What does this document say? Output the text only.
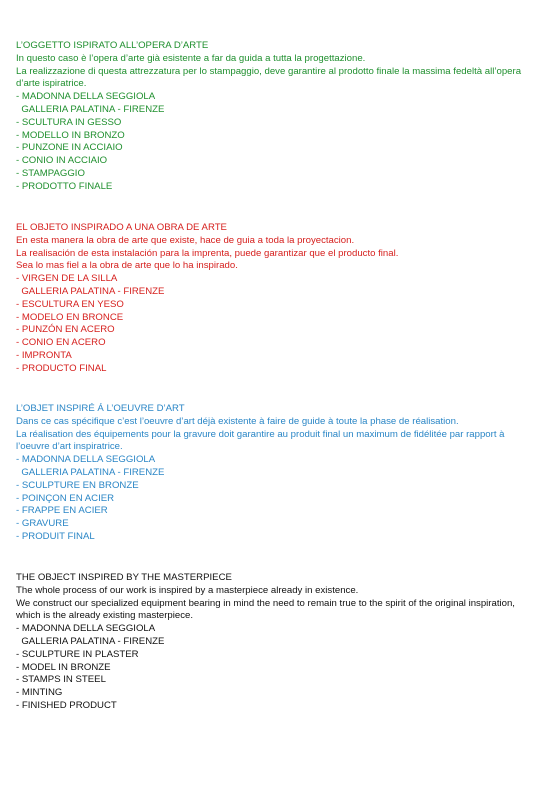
L’OGGETTO ISPIRATO ALL’OPERA D’ARTE

In questo caso è l’opera d’arte già esistente a far da guida a tutta la progettazione.

La realizzazione di questa attrezzatura per lo stampaggio, deve garantire al prodotto finale la massima fedeltà all’opera d’arte ispiratrice.

- MADONNA DELLA SEGGIOLA

GALLERIA PALATINA - FIRENZE

- SCULTURA IN GESSO

- MODELLO IN BRONZO

- PUNZONE IN ACCIAIO

- CONIO IN ACCIAIO

- STAMPAGGIO

- PRODOTTO FINALE

EL OBJETO INSPIRADO A UNA OBRA DE ARTE

En esta manera la obra de arte que existe, hace de guia a toda la proyectacion.

La realisación de esta instalación para la imprenta, puede garantizar que el producto final.

Sea lo mas fiel a la obra de arte que lo ha inspirado.

- VIRGEN DE LA SILLA

GALLERIA PALATINA - FIRENZE

- ESCULTURA EN YESO

- MODELO EN BRONCE

- PUNZÓN EN ACERO

- CONIO EN ACERO

- IMPRONTA

- PRODUCTO FINAL

L’OBJET INSPIRÉ Á L’OEUVRE D’ART

Dans ce cas spécifique c’est l’oeuvre d’art déjà existente à faire de guide à toute la phase de réalisation.

La réalisation des équipements pour la gravure doit garantire au produit final un maximum de fidélitée par rapport à l’oeuvre d’art inspiratrice.

- MADONNA DELLA SEGGIOLA

GALLERIA PALATINA - FIRENZE

- SCULPTURE EN BRONZE

- POINÇON EN ACIER

- FRAPPE EN ACIER

- GRAVURE

- PRODUIT FINAL

THE OBJECT INSPIRED BY THE MASTERPIECE

The whole process of our work is inspired by a masterpiece already in existence.

We construct our specialized equipment bearing in mind the need to remain true to the spirit of the original inspiration, which is the already existing masterpiece.

- MADONNA DELLA SEGGIOLA

GALLERIA PALATINA - FIRENZE

- SCULPTURE IN PLASTER

- MODEL IN BRONZE

- STAMPS IN STEEL

- MINTING

- FINISHED PRODUCT
